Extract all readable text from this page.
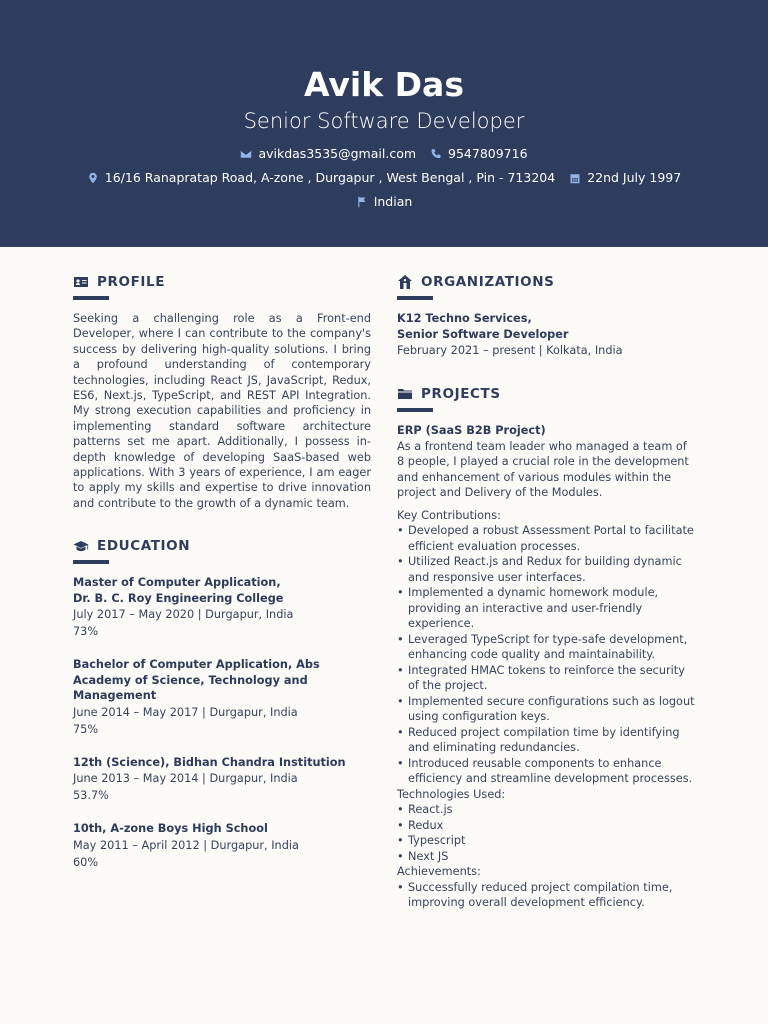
Avik Das
Senior Software Developer
avikdas3535@gmail.com	9547809716
16/16 Ranapratap Road, A-zone , Durgapur , West Bengal , Pin - 713204	22nd July 1997
Indian
PROFILE

Seeking a challenging role as a Front-end Developer, where I can contribute to the company's success by delivering high-quality solutions. I bring a profound understanding of contemporary technologies, including React JS, JavaScript, Redux, ES6, Next.js, TypeScript, and REST API Integration. My strong execution capabilities and proficiency in implementing standard software architecture patterns set me apart. Additionally, I possess in-depth knowledge of developing SaaS-based web applications. With 3 years of experience, I am eager to apply my skills and expertise to drive innovation and contribute to the growth of a dynamic team.

EDUCATION
Master of Computer Application,
Dr. B. C. Roy Engineering College
July 2017 – May 2020 | Durgapur, India
73%
Bachelor of Computer Application, Abs
Academy of Science, Technology and
Management
June 2014 – May 2017 | Durgapur, India
75%
12th (Science), Bidhan Chandra Institution
June 2013 – May 2014 | Durgapur, India
53.7%
10th, A-zone Boys High School
May 2011 – April 2012 | Durgapur, India
60%
ORGANIZATIONS
K12 Techno Services,
Senior Software Developer
February 2021 – present | Kolkata, India
PROJECTS
ERP (SaaS B2B Project)
As a frontend team leader who managed a team of 8 people, I played a crucial role in the development and enhancement of various modules within the project and Delivery of the Modules.
Key Contributions:
• Developed a robust Assessment Portal to facilitate efficient evaluation processes.
• Utilized React.js and Redux for building dynamic and responsive user interfaces.
• Implemented a dynamic homework module, providing an interactive and user-friendly experience.
• Leveraged TypeScript for type-safe development, enhancing code quality and maintainability.
• Integrated HMAC tokens to reinforce the security of the project.
• Implemented secure configurations such as logout using configuration keys.
• Reduced project compilation time by identifying and eliminating redundancies.
• Introduced reusable components to enhance efficiency and streamline development processes.
Technologies Used:
• React.js
• Redux
• Typescript
• Next JS
Achievements:
• Successfully reduced project compilation time, improving overall development efficiency.
